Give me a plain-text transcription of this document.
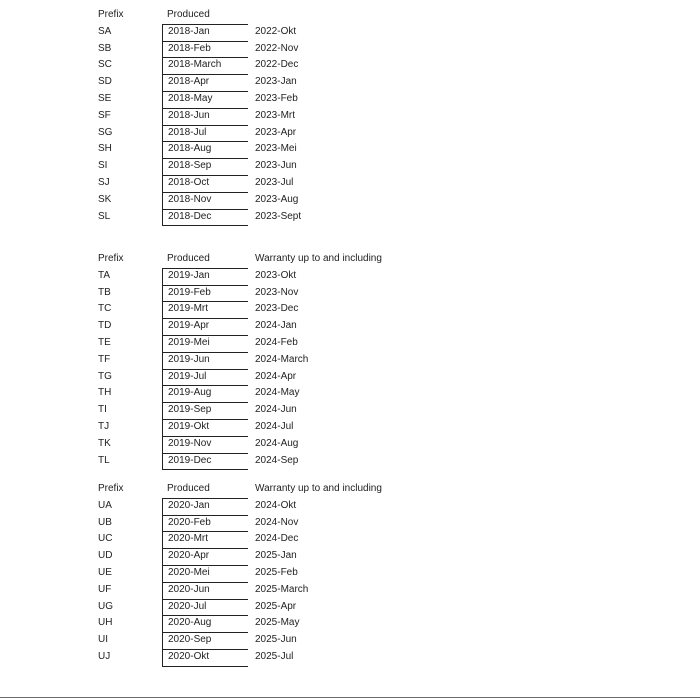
Prefix	Produced
SA	2018-Jan	2022-Okt
SB	2018-Feb	2022-Nov
SC	2018-March	2022-Dec
SD	2018-Apr	2023-Jan
SE	2018-May	2023-Feb
SF	2018-Jun	2023-Mrt
SG	2018-Jul	2023-Apr
SH	2018-Aug	2023-Mei
SI	2018-Sep	2023-Jun
SJ	2018-Oct	2023-Jul
SK	2018-Nov	2023-Aug
SL	2018-Dec	2023-Sept
Prefix	Produced	Warranty up to and including
TA	2019-Jan	2023-Okt
TB	2019-Feb	2023-Nov
TC	2019-Mrt	2023-Dec
TD	2019-Apr	2024-Jan
TE	2019-Mei	2024-Feb
TF	2019-Jun	2024-March
TG	2019-Jul	2024-Apr
TH	2019-Aug	2024-May
TI	2019-Sep	2024-Jun
TJ	2019-Okt	2024-Jul
TK	2019-Nov	2024-Aug
TL	2019-Dec	2024-Sep
Prefix	Produced	Warranty up to and including
UA	2020-Jan	2024-Okt
UB	2020-Feb	2024-Nov
UC	2020-Mrt	2024-Dec
UD	2020-Apr	2025-Jan
UE	2020-Mei	2025-Feb
UF	2020-Jun	2025-March
UG	2020-Jul	2025-Apr
UH	2020-Aug	2025-May
UI	2020-Sep	2025-Jun
UJ	2020-Okt	2025-Jul
